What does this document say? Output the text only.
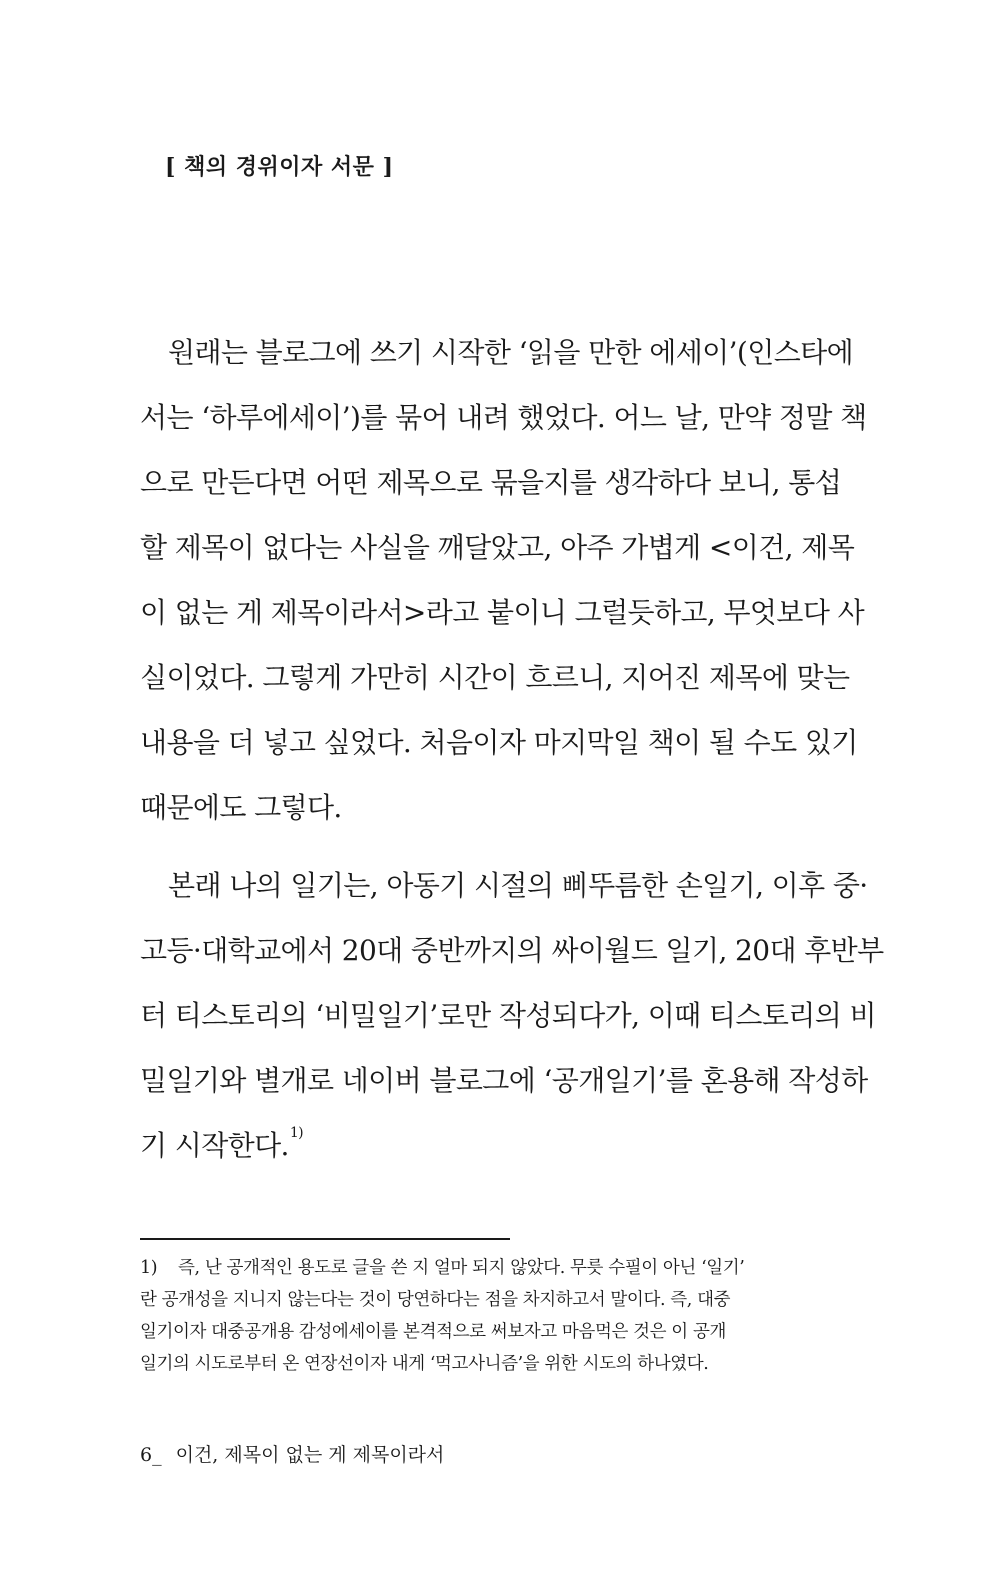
[ 책의 경위이자 서문 ]
원래는 블로그에 쓰기 시작한 ‘읽을 만한 에세이’(인스타에
서는 ‘하루에세이’)를 묶어 내려 했었다. 어느 날, 만약 정말 책
으로 만든다면 어떤 제목으로 묶을지를 생각하다 보니, 통섭
할 제목이 없다는 사실을 깨달았고, 아주 가볍게 <이건, 제목
이 없는 게 제목이라서>라고 붙이니 그럴듯하고, 무엇보다 사
실이었다. 그렇게 가만히 시간이 흐르니, 지어진 제목에 맞는
내용을 더 넣고 싶었다. 처음이자 마지막일 책이 될 수도 있기
때문에도 그렇다.
본래 나의 일기는, 아동기 시절의 삐뚜름한 손일기, 이후 중·
고등·대학교에서 20대 중반까지의 싸이월드 일기, 20대 후반부
터 티스토리의 ‘비밀일기’로만 작성되다가, 이때 티스토리의 비
밀일기와 별개로 네이버 블로그에 ‘공개일기’를 혼용해 작성하
기 시작한다.$^{1)}$
1) 즉, 난 공개적인 용도로 글을 쓴 지 얼마 되지 않았다. 무릇 수필이 아닌 ‘일기’
란 공개성을 지니지 않는다는 것이 당연하다는 점을 차지하고서 말이다. 즉, 대중
일기이자 대중공개용 감성에세이를 본격적으로 써보자고 마음먹은 것은 이 공개
일기의 시도로부터 온 연장선이자 내게 ‘먹고사니즘’을 위한 시도의 하나였다.
6_ 이건, 제목이 없는 게 제목이라서
